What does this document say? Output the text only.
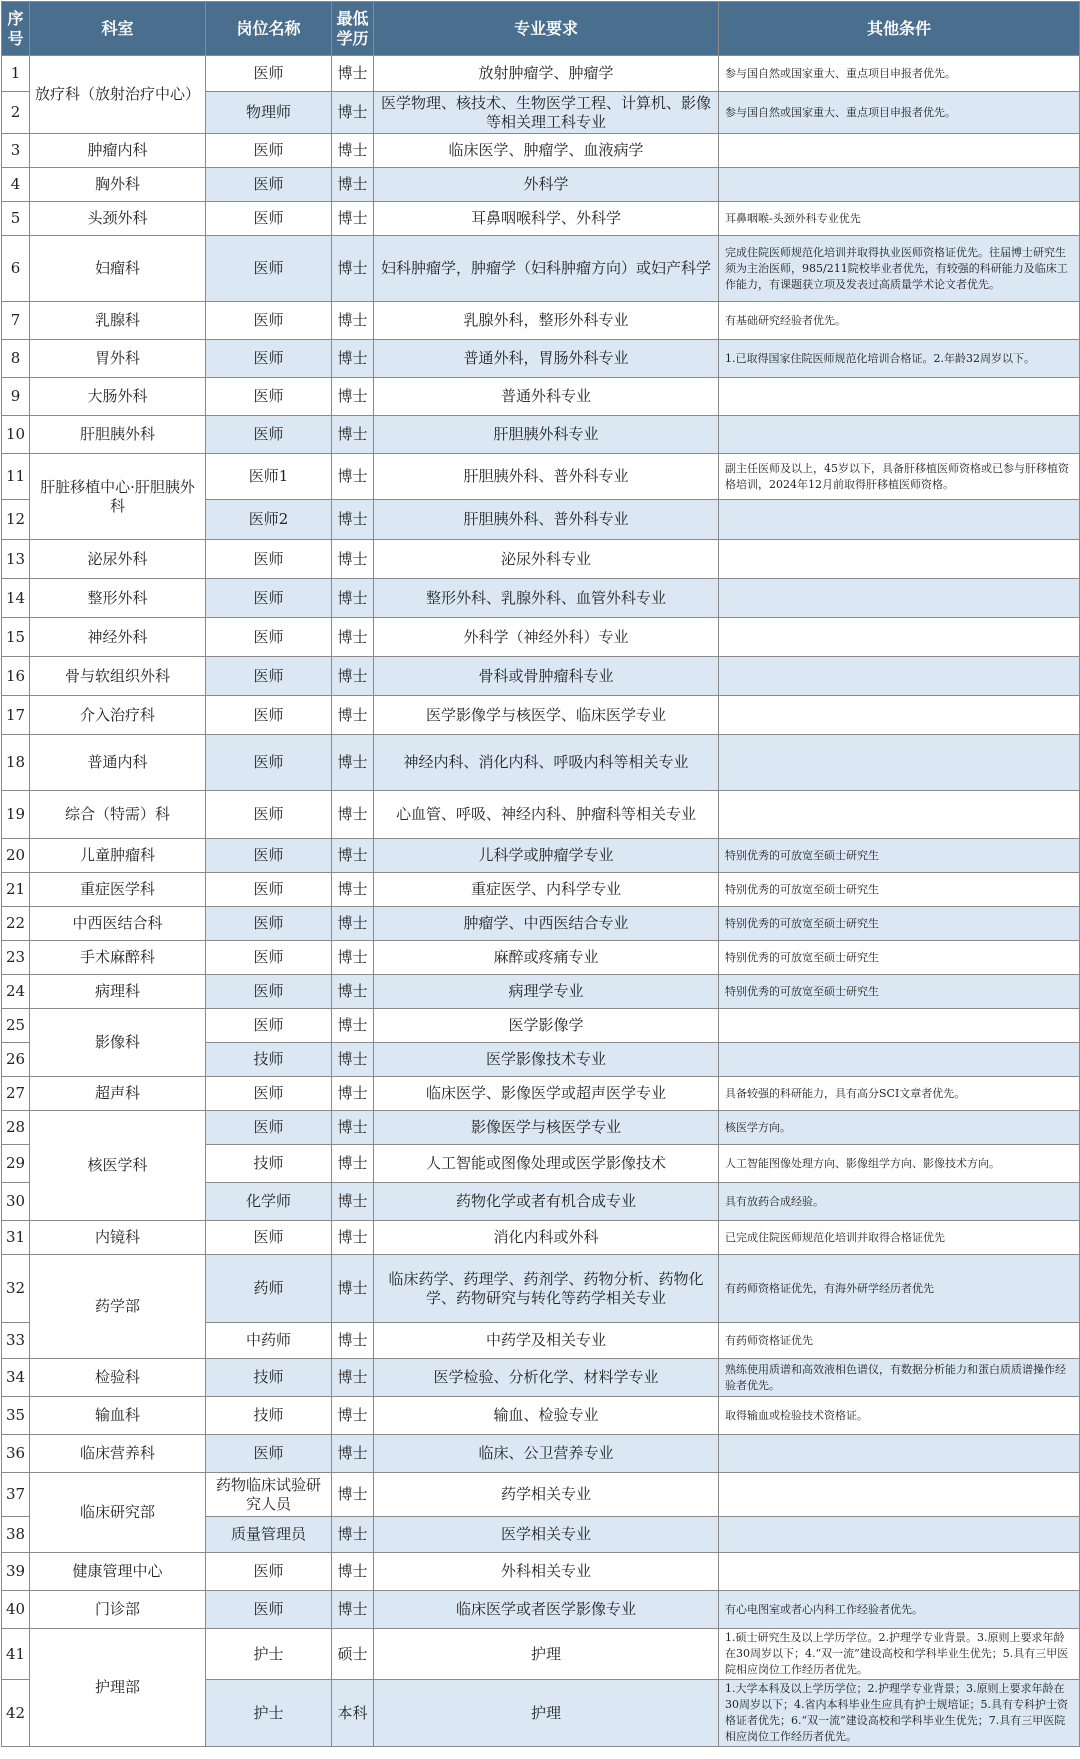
序号	科室	岗位名称	最低学历	专业要求	其他条件
1	放疗科（放射治疗中心）	医师	博士	放射肿瘤学、肿瘤学	参与国自然或国家重大、重点项目申报者优先。
2		物理师	博士	医学物理、核技术、生物医学工程、计算机、影像等相关理工科专业	参与国自然或国家重大、重点项目申报者优先。
3	肿瘤内科	医师	博士	临床医学、肿瘤学、血液病学	
4	胸外科	医师	博士	外科学	
5	头颈外科	医师	博士	耳鼻咽喉科学、外科学	耳鼻咽喉-头颈外科专业优先
6	妇瘤科	医师	博士	妇科肿瘤学，肿瘤学（妇科肿瘤方向）或妇产科学	完成住院医师规范化培训并取得执业医师资格证优先。往届博士研究生须为主治医师，985/211院校毕业者优先，有较强的科研能力及临床工作能力，有课题获立项及发表过高质量学术论文者优先。
7	乳腺科	医师	博士	乳腺外科，整形外科专业	有基础研究经验者优先。
8	胃外科	医师	博士	普通外科，胃肠外科专业	1.已取得国家住院医师规范化培训合格证。2.年龄32周岁以下。
9	大肠外科	医师	博士	普通外科专业	
10	肝胆胰外科	医师	博士	肝胆胰外科专业	
11	肝脏移植中心·肝胆胰外科	医师1	博士	肝胆胰外科、普外科专业	副主任医师及以上，45岁以下，具备肝移植医师资格或已参与肝移植资格培训，2024年12月前取得肝移植医师资格。
12		医师2	博士	肝胆胰外科、普外科专业	
13	泌尿外科	医师	博士	泌尿外科专业	
14	整形外科	医师	博士	整形外科、乳腺外科、血管外科专业	
15	神经外科	医师	博士	外科学（神经外科）专业	
16	骨与软组织外科	医师	博士	骨科或骨肿瘤科专业	
17	介入治疗科	医师	博士	医学影像学与核医学、临床医学专业	
18	普通内科	医师	博士	神经内科、消化内科、呼吸内科等相关专业	
19	综合（特需）科	医师	博士	心血管、呼吸、神经内科、肿瘤科等相关专业	
20	儿童肿瘤科	医师	博士	儿科学或肿瘤学专业	特别优秀的可放宽至硕士研究生
21	重症医学科	医师	博士	重症医学、内科学专业	特别优秀的可放宽至硕士研究生
22	中西医结合科	医师	博士	肿瘤学、中西医结合专业	特别优秀的可放宽至硕士研究生
23	手术麻醉科	医师	博士	麻醉或疼痛专业	特别优秀的可放宽至硕士研究生
24	病理科	医师	博士	病理学专业	特别优秀的可放宽至硕士研究生
25	影像科	医师	博士	医学影像学	
26		技师	博士	医学影像技术专业	
27	超声科	医师	博士	临床医学、影像医学或超声医学专业	具备较强的科研能力，具有高分SCI文章者优先。
28	核医学科	医师	博士	影像医学与核医学专业	核医学方向。
29		技师	博士	人工智能或图像处理或医学影像技术	人工智能图像处理方向、影像组学方向、影像技术方向。
30		化学师	博士	药物化学或者有机合成专业	具有放药合成经验。
31	内镜科	医师	博士	消化内科或外科	已完成住院医师规范化培训并取得合格证优先
32	药学部	药师	博士	临床药学、药理学、药剂学、药物分析、药物化学、药物研究与转化等药学相关专业	有药师资格证优先，有海外研学经历者优先
33		中药师	博士	中药学及相关专业	有药师资格证优先
34	检验科	技师	博士	医学检验、分析化学、材料学专业	熟练使用质谱和高效液相色谱仪，有数据分析能力和蛋白质质谱操作经验者优先。
35	输血科	技师	博士	输血、检验专业	取得输血或检验技术资格证。
36	临床营养科	医师	博士	临床、公卫营养专业	
37	临床研究部	药物临床试验研究人员	博士	药学相关专业	
38		质量管理员	博士	医学相关专业	
39	健康管理中心	医师	博士	外科相关专业	
40	门诊部	医师	博士	临床医学或者医学影像专业	有心电图室或者心内科工作经验者优先。
41	护理部	护士	硕士	护理	1.硕士研究生及以上学历学位。2.护理学专业背景。3.原则上要求年龄在30周岁以下；4.“双一流”建设高校和学科毕业生优先；5.具有三甲医院相应岗位工作经历者优先。
42		护士	本科	护理	1.大学本科及以上学历学位；2.护理学专业背景；3.原则上要求年龄在30周岁以下；4.省内本科毕业生应具有护士规培证；5.具有专科护士资格证者优先；6.“双一流”建设高校和学科毕业生优先；7.具有三甲医院相应岗位工作经历者优先。
